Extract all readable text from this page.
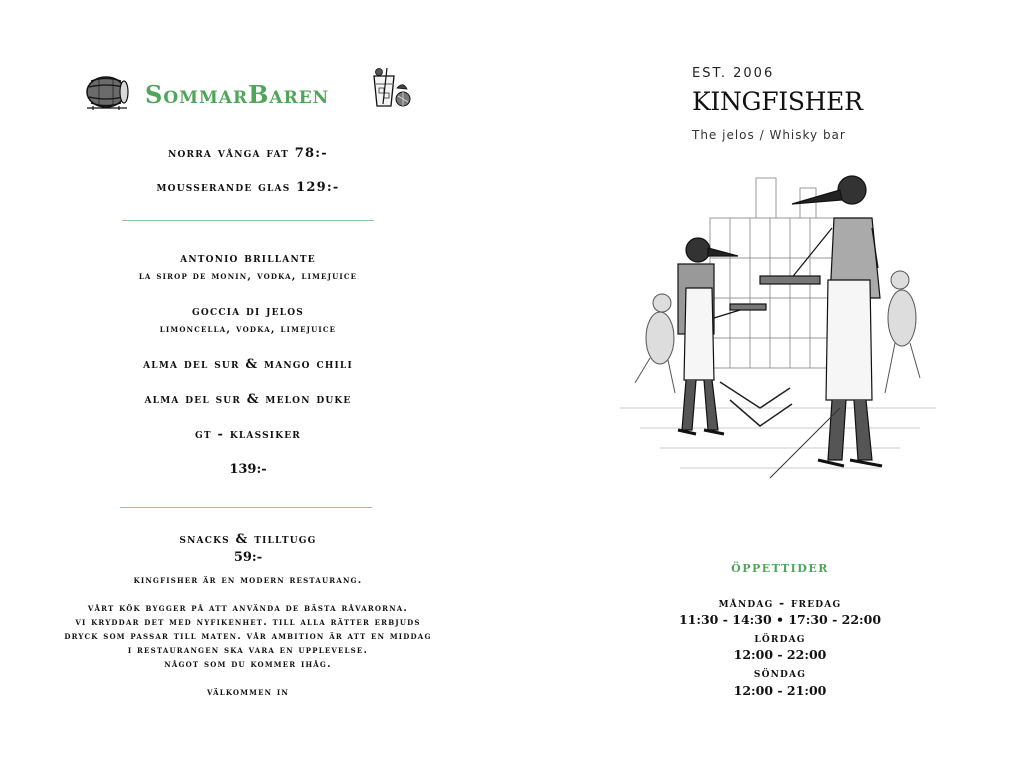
SommarBaren

norra vånga fat 78:-

mousserande glas 129:-

antonio brillante

la sirop de monin, vodka, limejuice

goccia di jelos

limoncella, vodka, limejuice

alma del sur & mango chili

alma del sur & melon duke

gt - klassiker

139:-

snacks & tilltugg

59:-

kingfisher är en modern restaurang.

vårt kök bygger på att använda de bästa råvarorna.

vi kryddar det med nyfikenhet. till alla rätter erbjuds

dryck som passar till maten. vår ambition är att en middag

i restaurangen ska vara en upplevelse.

något som du kommer ihåg.

välkommen in

EST. 2006

KINGFISHER

The jelos / Whisky bar

öppettider

måndag - fredag

11:30 - 14:30 • 17:30 - 22:00

lördag

12:00 - 22:00

söndag

12:00 - 21:00
